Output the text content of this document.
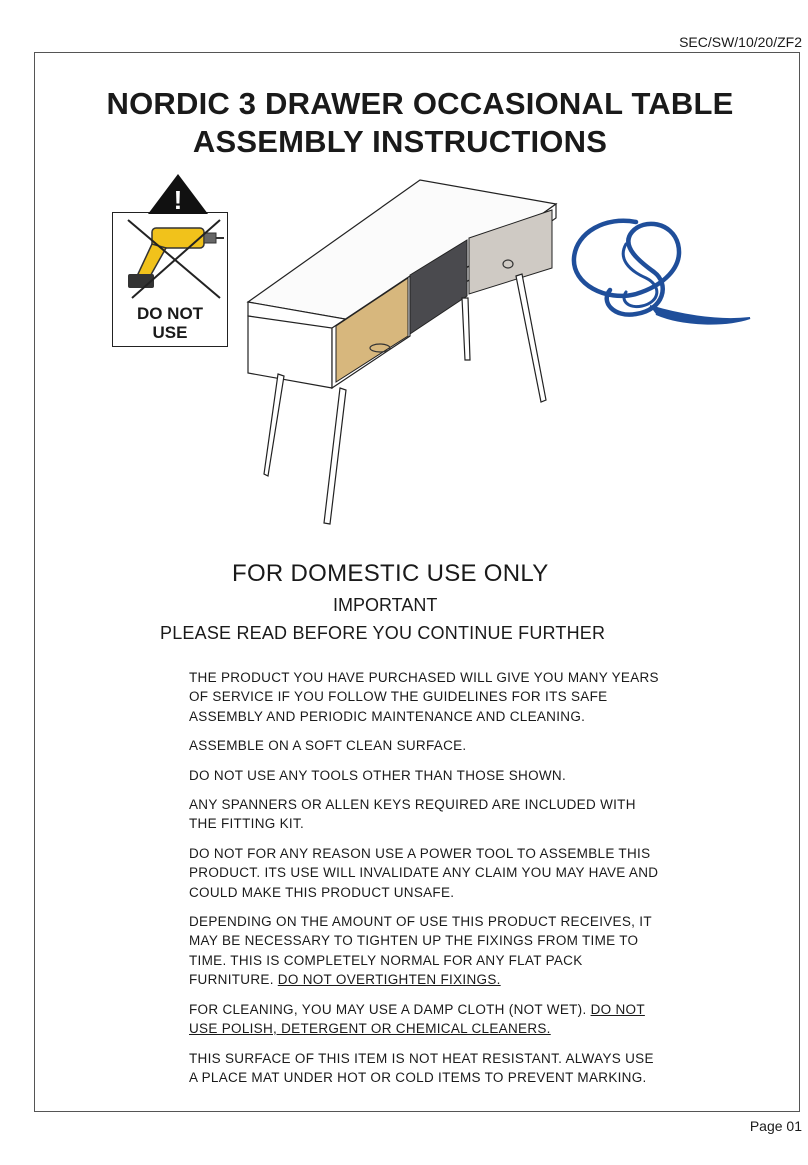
SEC/SW/10/20/ZF2
NORDIC 3 DRAWER OCCASIONAL TABLE
ASSEMBLY INSTRUCTIONS
!
DO NOT
USE
FOR DOMESTIC USE ONLY
IMPORTANT
PLEASE READ BEFORE YOU CONTINUE FURTHER

THE PRODUCT YOU HAVE PURCHASED WILL GIVE YOU MANY YEARS OF SERVICE IF YOU FOLLOW THE GUIDELINES FOR ITS SAFE ASSEMBLY AND PERIODIC MAINTENANCE AND CLEANING.

ASSEMBLE ON A SOFT CLEAN SURFACE.

DO NOT USE ANY TOOLS OTHER THAN THOSE SHOWN.

ANY SPANNERS OR ALLEN KEYS REQUIRED ARE INCLUDED WITH THE FITTING KIT.

DO NOT FOR ANY REASON USE A POWER TOOL TO ASSEMBLE THIS PRODUCT. ITS USE WILL INVALIDATE ANY CLAIM YOU MAY HAVE AND COULD MAKE THIS PRODUCT UNSAFE.

DEPENDING ON THE AMOUNT OF USE THIS PRODUCT RECEIVES, IT MAY BE NECESSARY TO TIGHTEN UP THE FIXINGS FROM TIME TO TIME. THIS IS COMPLETELY NORMAL FOR ANY FLAT PACK FURNITURE. DO NOT OVERTIGHTEN FIXINGS.

FOR CLEANING, YOU MAY USE A DAMP CLOTH (NOT WET). DO NOT USE POLISH, DETERGENT OR CHEMICAL CLEANERS.

THIS SURFACE OF THIS ITEM IS NOT HEAT RESISTANT. ALWAYS USE A PLACE MAT UNDER HOT OR COLD ITEMS TO PREVENT MARKING.

Page 01
